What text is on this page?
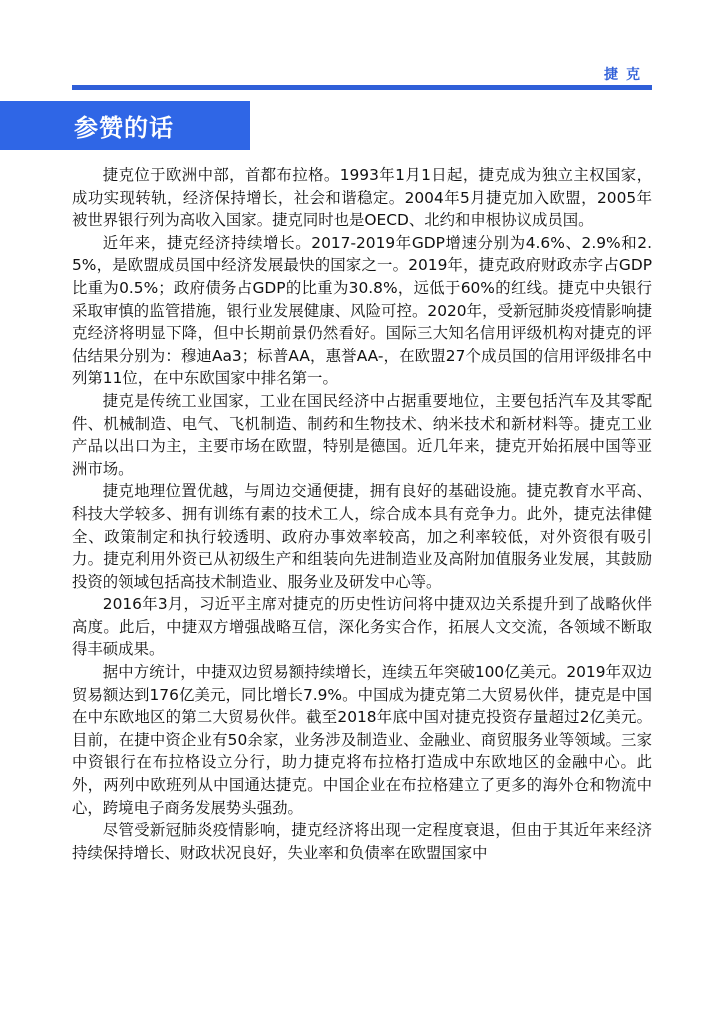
捷克
参赞的话

捷克位于欧洲中部，首都布拉格。1993年1月1日起，捷克成为独立主权国家，成功实现转轨，经济保持增长，社会和谐稳定。2004年5月捷克加入欧盟，2005年被世界银行列为高收入国家。捷克同时也是OECD、北约和申根协议成员国。

近年来，捷克经济持续增长。2017-2019年GDP增速分别为4.6%、2.9%和2.5%，是欧盟成员国中经济发展最快的国家之一。2019年，捷克政府财政赤字占GDP比重为0.5%；政府债务占GDP的比重为30.8%，远低于60%的红线。捷克中央银行采取审慎的监管措施，银行业发展健康、风险可控。2020年，受新冠肺炎疫情影响捷克经济将明显下降，但中长期前景仍然看好。国际三大知名信用评级机构对捷克的评估结果分别为：穆迪Aa3；标普AA，惠誉AA-，在欧盟27个成员国的信用评级排名中列第11位，在中东欧国家中排名第一。

捷克是传统工业国家，工业在国民经济中占据重要地位，主要包括汽车及其零配件、机械制造、电气、飞机制造、制药和生物技术、纳米技术和新材料等。捷克工业产品以出口为主，主要市场在欧盟，特别是德国。近几年来，捷克开始拓展中国等亚洲市场。

捷克地理位置优越，与周边交通便捷，拥有良好的基础设施。捷克教育水平高、科技大学较多、拥有训练有素的技术工人，综合成本具有竞争力。此外，捷克法律健全、政策制定和执行较透明、政府办事效率较高，加之利率较低，对外资很有吸引力。捷克利用外资已从初级生产和组装向先进制造业及高附加值服务业发展，其鼓励投资的领域包括高技术制造业、服务业及研发中心等。

2016年3月，习近平主席对捷克的历史性访问将中捷双边关系提升到了战略伙伴高度。此后，中捷双方增强战略互信，深化务实合作，拓展人文交流，各领域不断取得丰硕成果。

据中方统计，中捷双边贸易额持续增长，连续五年突破100亿美元。2019年双边贸易额达到176亿美元，同比增长7.9%。中国成为捷克第二大贸易伙伴，捷克是中国在中东欧地区的第二大贸易伙伴。截至2018年底中国对捷克投资存量超过2亿美元。目前，在捷中资企业有50余家，业务涉及制造业、金融业、商贸服务业等领域。三家中资银行在布拉格设立分行，助力捷克将布拉格打造成中东欧地区的金融中心。此外，两列中欧班列从中国通达捷克。中国企业在布拉格建立了更多的海外仓和物流中心，跨境电子商务发展势头强劲。

尽管受新冠肺炎疫情影响，捷克经济将出现一定程度衰退，但由于其近年来经济持续保持增长、财政状况良好，失业率和负债率在欧盟国家中
